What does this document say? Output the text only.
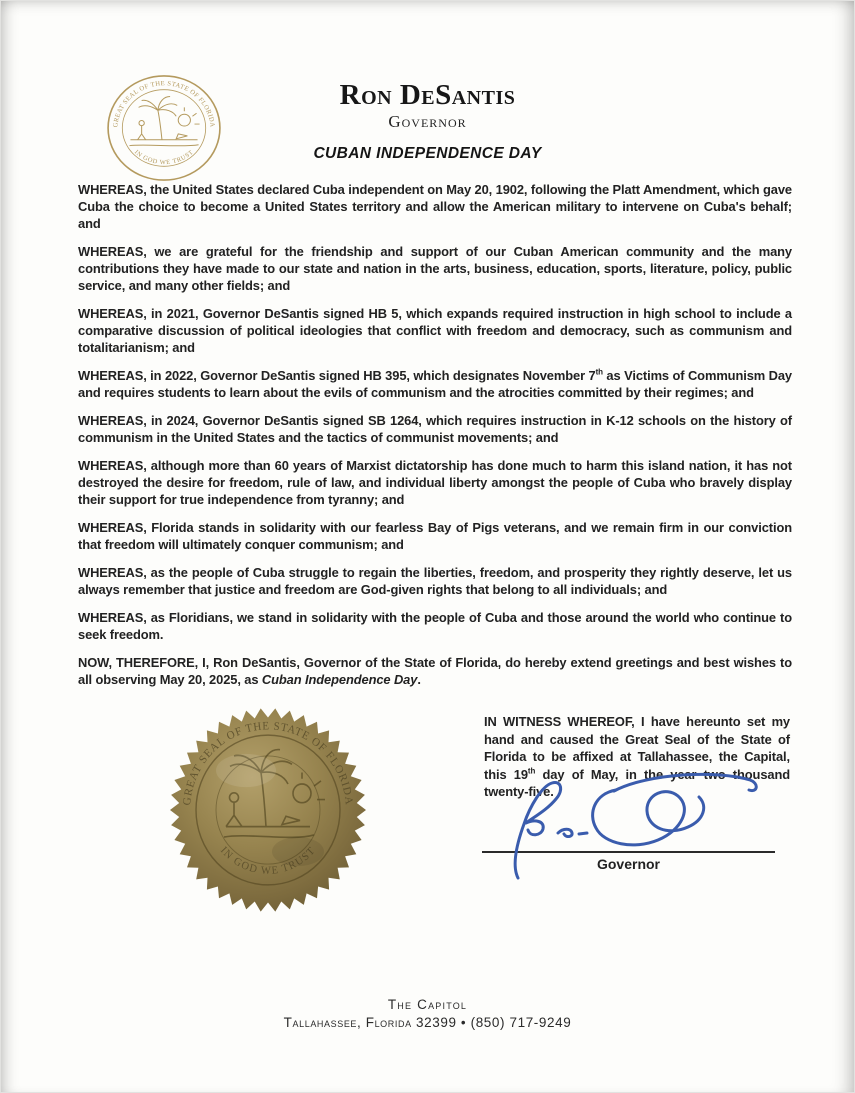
GREAT SEAL OF THE STATE OF FLORIDA
IN GOD WE TRUST
Ron DeSantis
Governor
CUBAN INDEPENDENCE DAY

WHEREAS, the United States declared Cuba independent on May 20, 1902, following the Platt Amendment, which gave Cuba the choice to become a United States territory and allow the American military to intervene on Cuba's behalf; and

WHEREAS, we are grateful for the friendship and support of our Cuban American community and the many contributions they have made to our state and nation in the arts, business, education, sports, literature, policy, public service, and many other fields; and

WHEREAS, in 2021, Governor DeSantis signed HB 5, which expands required instruction in high school to include a comparative discussion of political ideologies that conflict with freedom and democracy, such as communism and totalitarianism; and

WHEREAS, in 2022, Governor DeSantis signed HB 395, which designates November 7th as Victims of Communism Day and requires students to learn about the evils of communism and the atrocities committed by their regimes; and

WHEREAS, in 2024, Governor DeSantis signed SB 1264, which requires instruction in K-12 schools on the history of communism in the United States and the tactics of communist movements; and

WHEREAS, although more than 60 years of Marxist dictatorship has done much to harm this island nation, it has not destroyed the desire for freedom, rule of law, and individual liberty amongst the people of Cuba who bravely display their support for true independence from tyranny; and

WHEREAS, Florida stands in solidarity with our fearless Bay of Pigs veterans, and we remain firm in our conviction that freedom will ultimately conquer communism; and

WHEREAS, as the people of Cuba struggle to regain the liberties, freedom, and prosperity they rightly deserve, let us always remember that justice and freedom are God-given rights that belong to all individuals; and

WHEREAS, as Floridians, we stand in solidarity with the people of Cuba and those around the world who continue to seek freedom.

NOW, THEREFORE, I, Ron DeSantis, Governor of the State of Florida, do hereby extend greetings and best wishes to all observing May 20, 2025, as Cuban Independence Day.

IN WITNESS WHEREOF, I have hereunto set my hand and caused the Great Seal of the State of Florida to be affixed at Tallahassee, the Capital, this 19th day of May, in the year two thousand twenty-five.
GREAT SEAL OF THE STATE OF FLORIDA
IN GOD WE TRUST
Governor
The Capitol
Tallahassee, Florida 32399 • (850) 717-9249
